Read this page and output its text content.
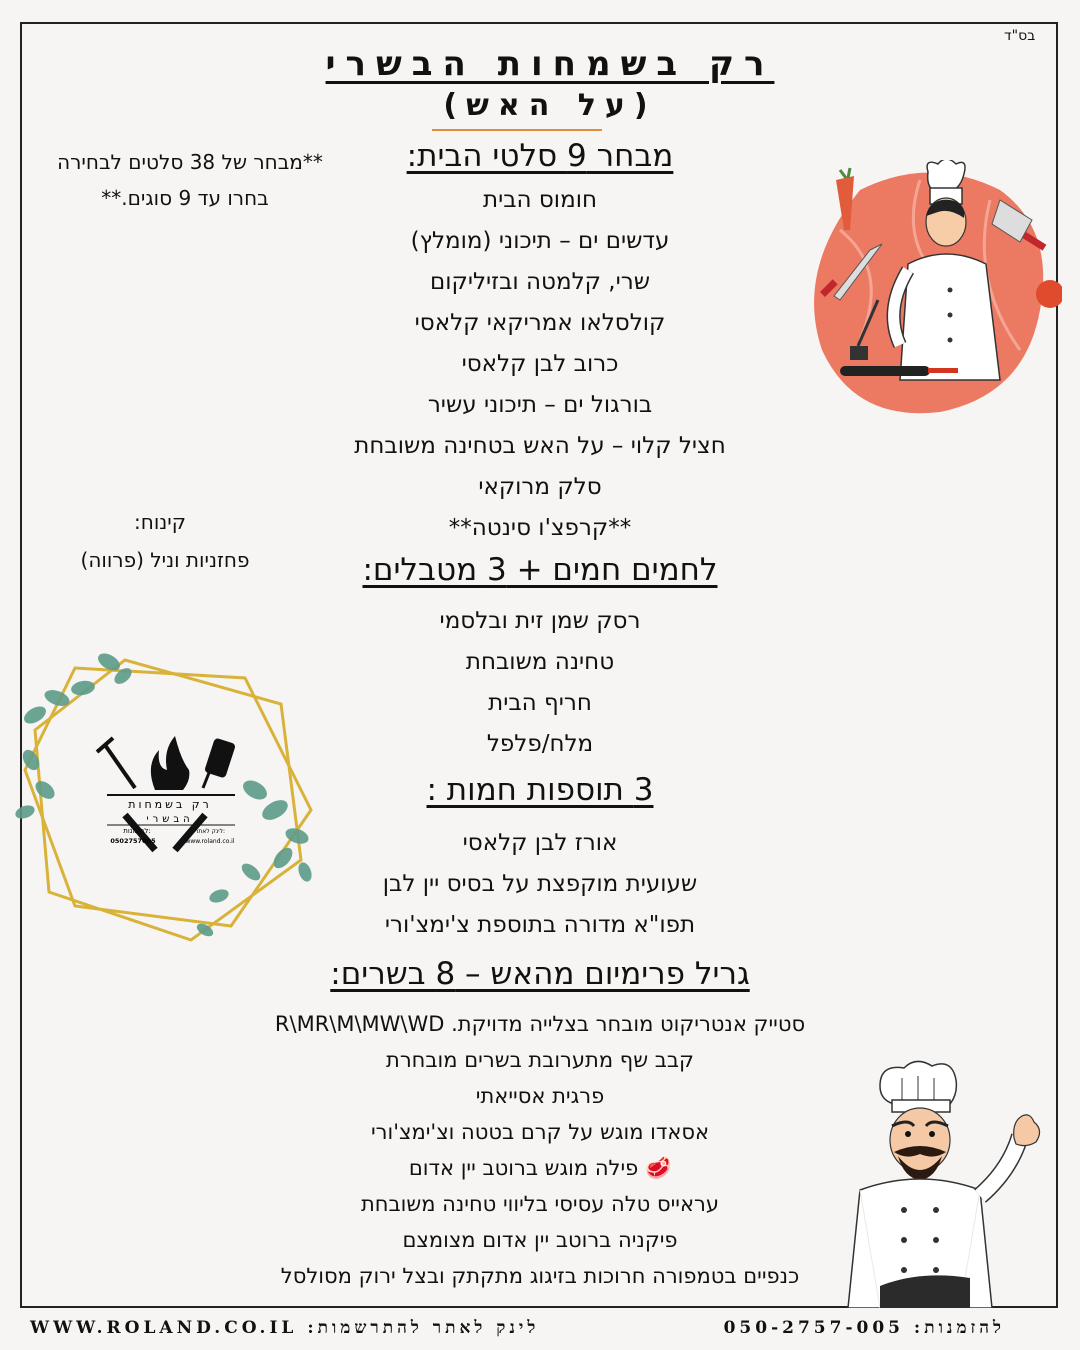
בס"ד
רק בשמחות הבשרי
(על האש)
מבחר 9 סלטי הבית:
חומוס הבית
עדשים ים – תיכוני (מומלץ)
שרי, קלמטה ובזיליקום
קולסלאו אמריקאי קלאסי
כרוב לבן קלאסי
בורגול ים – תיכוני עשיר
חציל קלוי – על האש בטחינה משובחת
סלק מרוקאי
**קרפצ'ו סינטה**
לחמים חמים + 3 מטבלים:
רסק שמן זית ובלסמי
טחינה משובחת
חריף הבית
מלח/פלפל
3 תוספות חמות :
אורז לבן קלאסי
שעועית מוקפצת על בסיס יין לבן
תפו"א מדורה בתוספת צ'ימצ'ורי
גריל פרימיום מהאש – 8 בשרים:
סטייק אנטריקוט מובחר בצלייה מדויקת. R\MR\M\MW\WD
קבב שף מתערובת בשרים מובחרת
פרגית אסייאתי
אסאדו מוגש על קרם בטטה וצ'ימצ'ורי
🥩 פילה מוגש ברוטב יין אדום
עראייס טלה עסיסי בליווי טחינה משובחת
פיקניה ברוטב יין אדום מצומצם
כנפיים בטמפורה חרוכות בזיגוג מתקתק ובצל ירוק מסולסל
**מבחר של 38 סלטים לבחירה
בחרו עד 9 סוגים.**
קינוח:
פחזניות וניל (פרווה)
רק בשמחות
הבשרי
להזמנות:
0502757005
לינק לאתר:
www.roland.co.il
לינק לאתר להתרשמות: WWW.ROLAND.CO.IL	להזמנות: 050-2757-005
